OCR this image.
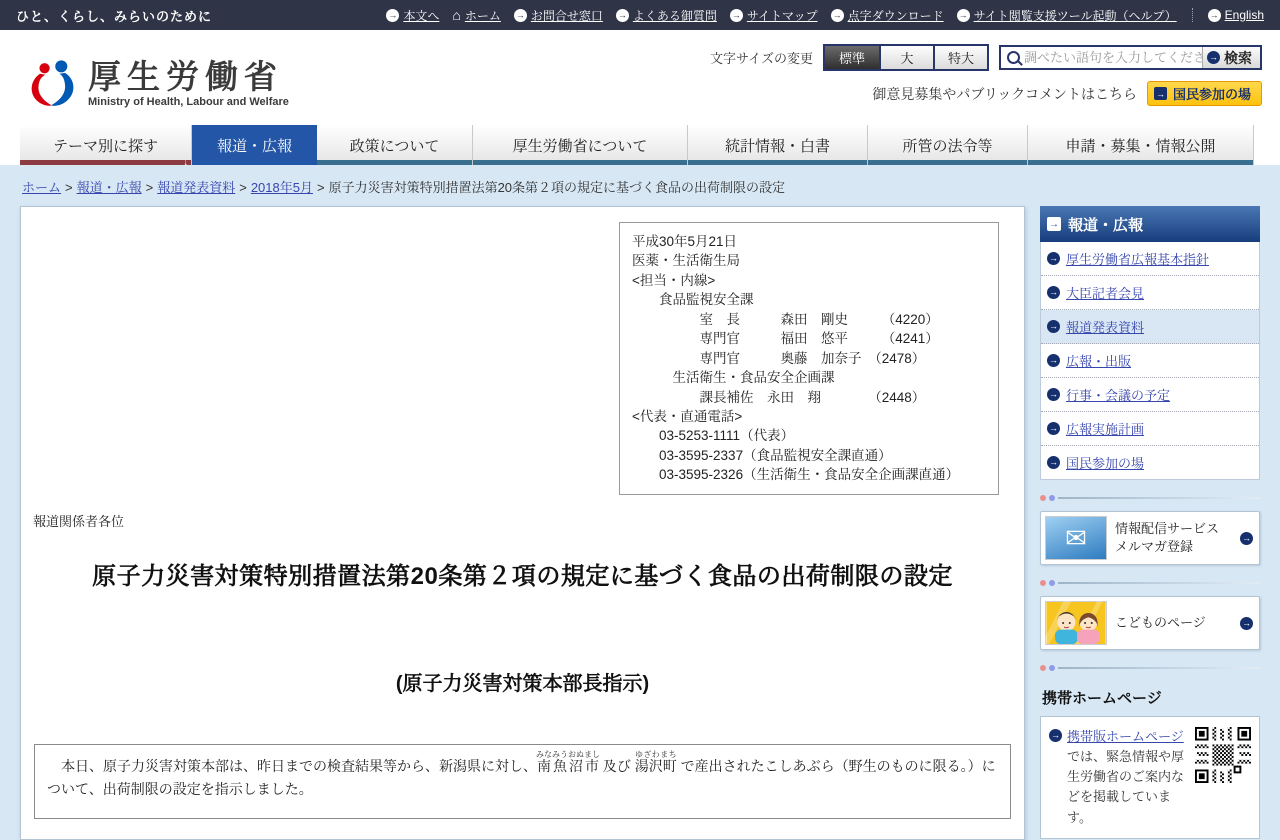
ひと、くらし、みらいのために	→ 本文へ ⌂ ホーム → お問合せ窓口 → よくある御質問 → サイトマップ → 点字ダウンロード → サイト閲覧支援ツール起動（ヘルプ）	→ English
厚生労働省
Ministry of Health, Labour and Welfare
文字サイズの変更	標準	大	特大
調べたい語句を入力してください	→ 検索
御意見募集やパブリックコメントはこちら → 国民参加の場
テーマ別に探す
↓
報道・広報	政策について	厚生労働省について	統計情報・白書	所管の法令等	申請・募集・情報公開
ホーム > 報道・広報 > 報道発表資料 > 2018年5月 > 原子力災害対策特別措置法第20条第２項の規定に基づく食品の出荷制限の設定
平成30年5月21日
医薬・生活衛生局
<担当・内線>
　　食品監視安全課
　　　　　室　長　　　森田　剛史　　　（4220）
　　　　　専門官　　　福田　悠平　　　（4241）
　　　　　専門官　　　奥藤　加奈子　（2478）
　　　生活衛生・食品安全企画課
　　　　　課長補佐　永田　翔　　　　（2448）
<代表・直通電話>
　　03-5253-1111（代表）
　　03-3595-2337（食品監視安全課直通）
　　03-3595-2326（生活衛生・食品安全企画課直通）
報道関係者各位
原子力災害対策特別措置法第20条第２項の規定に基づく食品の出荷制限の設定
(原子力災害対策本部長指示)
　本日、原子力災害対策本部は、昨日までの検査結果等から、新潟県に対し、南魚沼市みなみうおぬまし 及び 湯沢町ゆざわまち で産出されたこしあぶら（野生のものに限る。）について、出荷制限の設定を指示しました。
→ 報道・広報
→ 厚生労働省広報基本指針
→ 大臣記者会見
→ 報道発表資料
→ 広報・出版
→ 行事・会議の予定
→ 広報実施計画
→ 国民参加の場
✉	情報配信サービス
メルマガ登録
→
こどものページ	→
携帯ホームページ
→ 携帯版ホームページでは、緊急情報や厚生労働省のご案内などを掲載しています。
